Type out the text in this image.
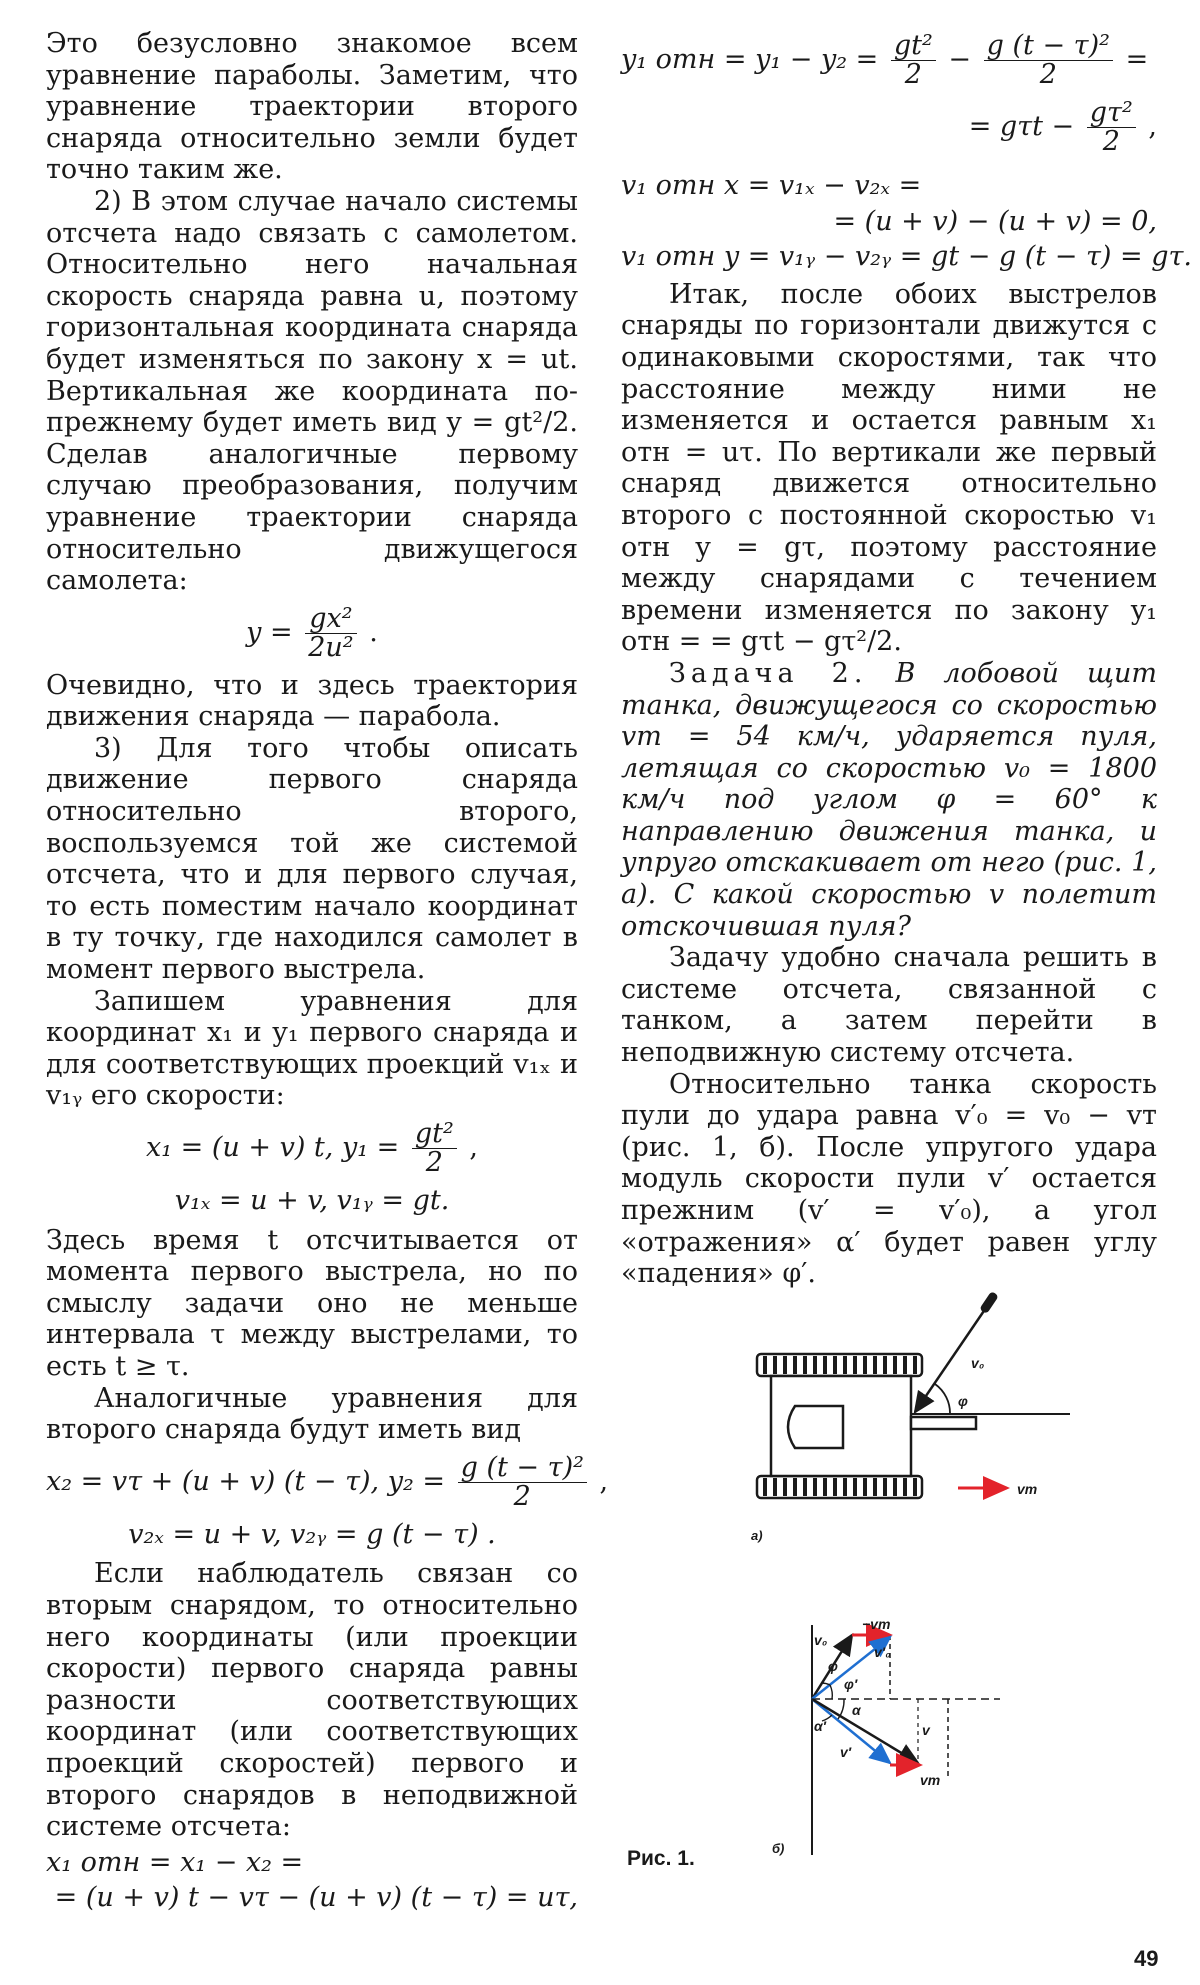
Это безусловно знакомое всем уравнение параболы. Заметим, что уравнение траектории второго снаряда относительно земли будет точно таким же.

2) В этом случае начало системы отсчета надо связать с самолетом. Относительно него начальная скорость снаряда равна u, поэтому горизонтальная координата снаряда будет изменяться по закону x = ut. Вертикальная же координата по-прежнему будет иметь вид y = gt²/2. Сделав аналогичные первому случаю преобразования, получим уравнение траектории снаряда относительно движущегося самолета:

$y = \frac{\text{gx²}}{\text{2u²}}$ .

Очевидно, что и здесь траектория движения снаряда — парабола.

3) Для того чтобы описать движение первого снаряда относительно второго, воспользуемся той же системой отсчета, что и для первого случая, то есть поместим начало координат в ту точку, где находился самолет в момент первого выстрела.

Запишем уравнения для координат x₁ и y₁ первого снаряда и для соответствующих проекций v₁ₓ и v₁ᵧ его скорости:

x₁ = (u + v) t, $y_1 = \frac{\text{gt²}}{2}$ ,
v₁ₓ = u + v, v₁ᵧ = gt.

Здесь время t отсчитывается от момента первого выстрела, но по смыслу задачи оно не меньше интервала τ между выстрелами, то есть t ≥ τ.

Аналогичные уравнения для второго снаряда будут иметь вид

x₂ = vτ + (u + v) (t − τ), $y_2 = \frac{\text{g (t − τ)²}}{2}$ ,
v₂ₓ = u + v, v₂ᵧ = g (t − τ) .

Если наблюдатель связан со вторым снарядом, то относительно него координаты (или проекции скорости) первого снаряда равны разности соответствующих координат (или соответствующих проекций скоростей) первого и второго снарядов в неподвижной системе отсчета:

x₁ отн = x₁ − x₂ =
= (u + v) t − vτ − (u + v) (t − τ) = uτ,
y₁ отн = $y_1 - y_2 = \frac{\text{gt²}}{2} - \frac{\text{g (t − τ)²}}{2}$ =
= $g\tau t - \frac{\text{gτ²}}{2}$ ,
v₁ отн x = v₁ₓ − v₂ₓ =
= (u + v) − (u + v) = 0,
v₁ отн y = v₁ᵧ − v₂ᵧ = gt − g (t − τ) = gτ.

Итак, после обоих выстрелов снаряды по горизонтали движутся с одинаковыми скоростями, так что расстояние между ними не изменяется и остается равным x₁ отн = uτ. По вертикали же первый снаряд движется относительно второго с постоянной скоростью v₁ отн y = gτ, поэтому расстояние между снарядами с течением времени изменяется по закону y₁ отн = = gτt − gτ²/2.

Задача 2. В лобовой щит танка, движущегося со скоростью vт = 54 км/ч, ударяется пуля, летящая со скоростью v₀ = 1800 км/ч под углом φ = 60° к направлению движения танка, и упруго отскакивает от него (рис. 1, а). С какой скоростью v полетит отскочившая пуля?

Задачу удобно сначала решить в системе отсчета, связанной с танком, а затем перейти в неподвижную систему отсчета.

Относительно танка скорость пули до удара равна v′₀ = v₀ − vт (рис. 1, б). После упругого удара модуль скорости пули v′ остается прежним (v′ = v′₀), а угол «отражения» α′ будет равен углу «падения» φ′.

φ
v₀
vт
а)
−vт
v₀
v′₀
φ
φ′
α
α′
v′
v
vт
б)
Рис. 1.
49
